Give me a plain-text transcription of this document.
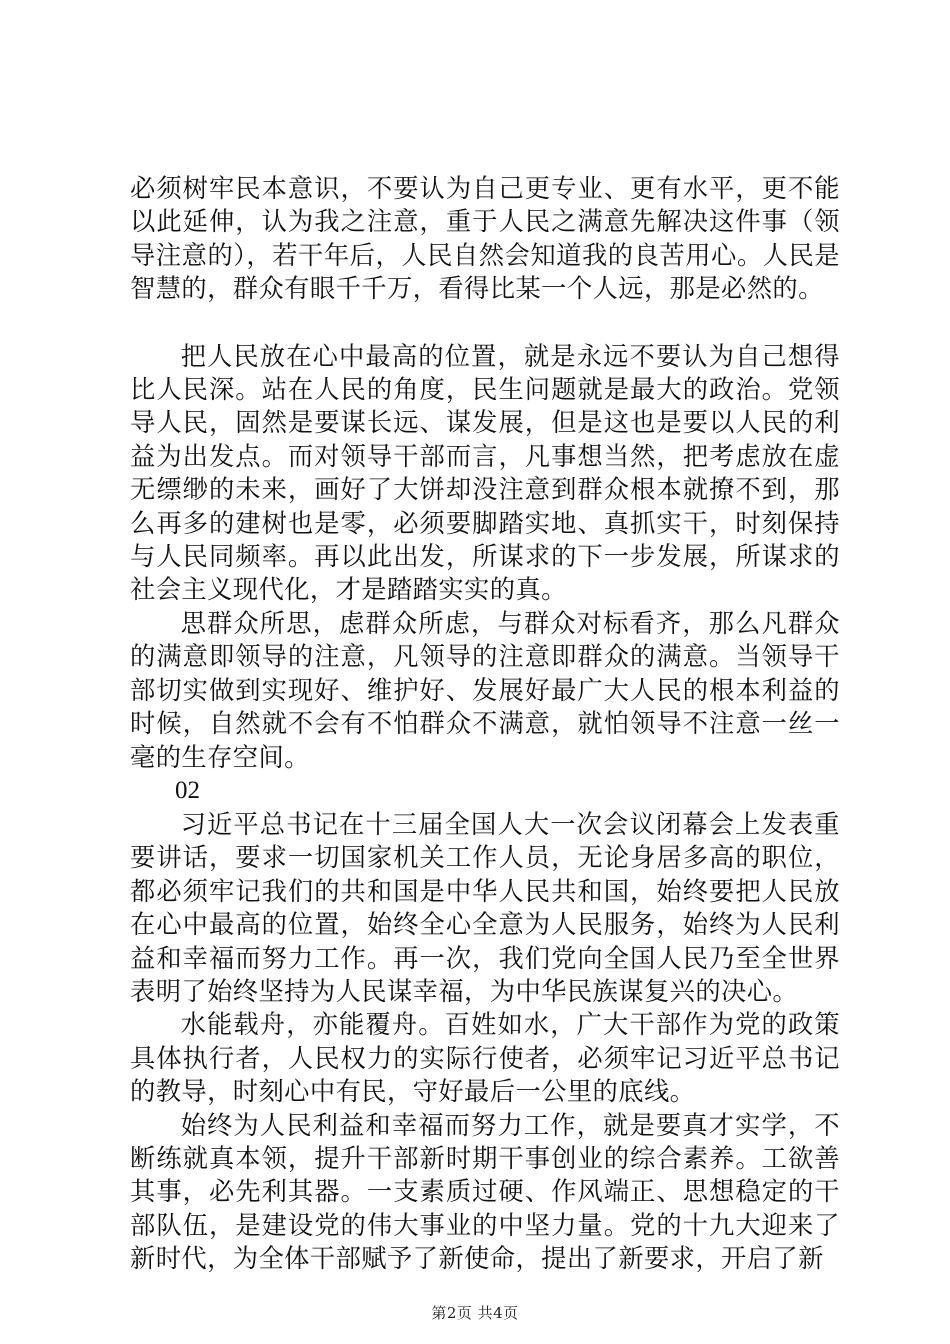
必须树牢民本意识，不要认为自己更专业、更有水平，更不能以此延伸，认为我之注意，重于人民之满意先解决这件事（领导注意的），若干年后，人民自然会知道我的良苦用心。人民是智慧的，群众有眼千千万，看得比某一个人远，那是必然的。

把人民放在心中最高的位置，就是永远不要认为自己想得比人民深。站在人民的角度，民生问题就是最大的政治。党领导人民，固然是要谋长远、谋发展，但是这也是要以人民的利益为出发点。而对领导干部而言，凡事想当然，把考虑放在虚无缥缈的未来，画好了大饼却没注意到群众根本就撩不到，那么再多的建树也是零，必须要脚踏实地、真抓实干，时刻保持与人民同频率。再以此出发，所谋求的下一步发展，所谋求的社会主义现代化，才是踏踏实实的真。

思群众所思，虑群众所虑，与群众对标看齐，那么凡群众的满意即领导的注意，凡领导的注意即群众的满意。当领导干部切实做到实现好、维护好、发展好最广大人民的根本利益的时候，自然就不会有不怕群众不满意，就怕领导不注意一丝一毫的生存空间。

02

习近平总书记在十三届全国人大一次会议闭幕会上发表重要讲话，要求一切国家机关工作人员，无论身居多高的职位，都必须牢记我们的共和国是中华人民共和国，始终要把人民放在心中最高的位置，始终全心全意为人民服务，始终为人民利益和幸福而努力工作。再一次，我们党向全国人民乃至全世界表明了始终坚持为人民谋幸福，为中华民族谋复兴的决心。

水能载舟，亦能覆舟。百姓如水，广大干部作为党的政策具体执行者，人民权力的实际行使者，必须牢记习近平总书记的教导，时刻心中有民，守好最后一公里的底线。

始终为人民利益和幸福而努力工作，就是要真才实学，不断练就真本领，提升干部新时期干事创业的综合素养。工欲善其事，必先利其器。一支素质过硬、作风端正、思想稳定的干部队伍，是建设党的伟大事业的中坚力量。党的十九大迎来了新时代，为全体干部赋予了新使命，提出了新要求，开启了新

第2页 共4页
